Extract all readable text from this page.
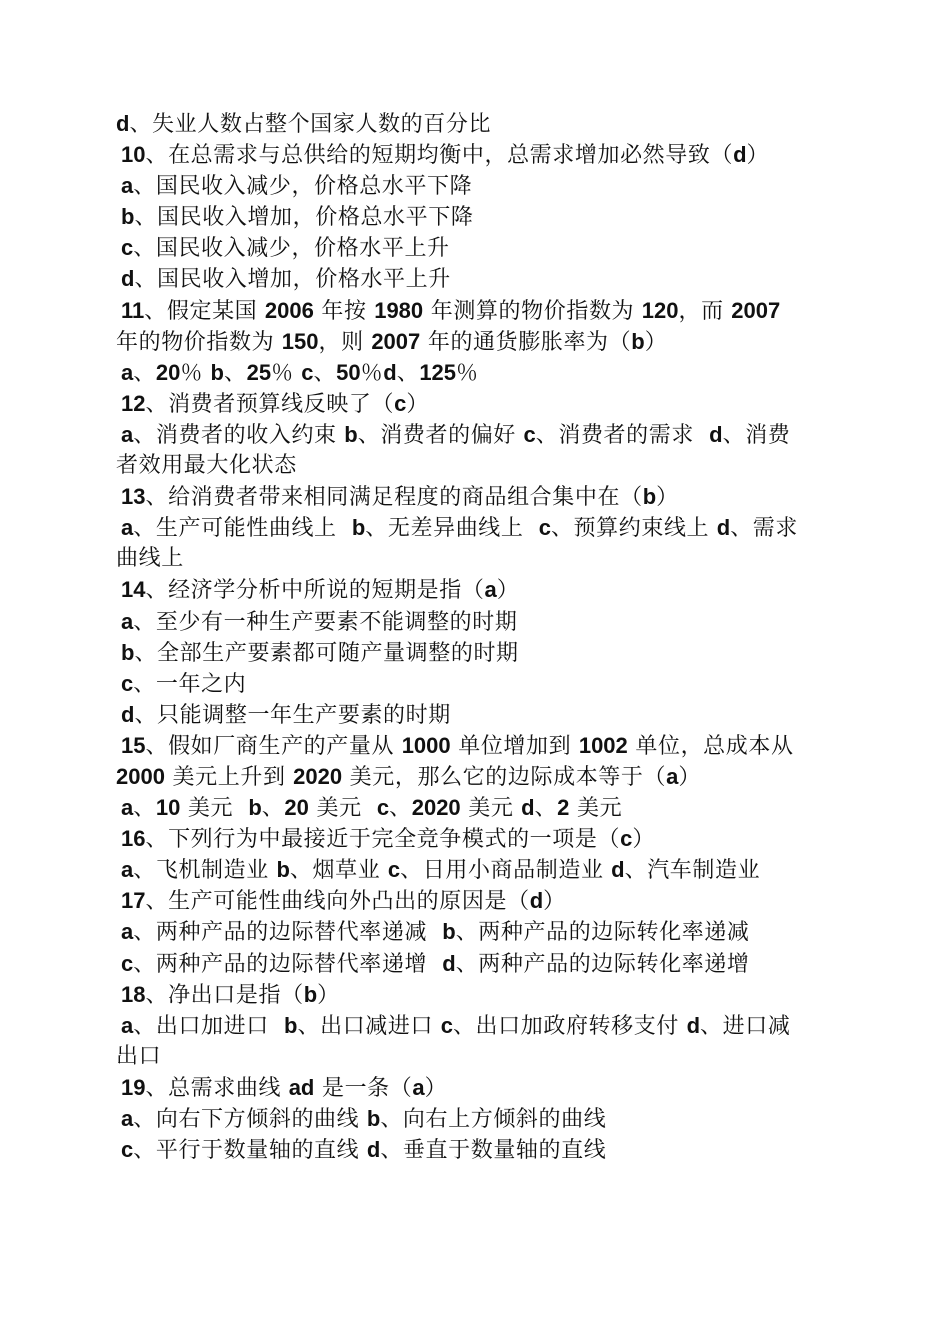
d、失业人数占整个国家人数的百分比
10、在总需求与总供给的短期均衡中，总需求增加必然导致（d）
a、国民收入减少，价格总水平下降
b、国民收入增加，价格总水平下降
c、国民收入减少，价格水平上升
d、国民收入增加，价格水平上升
11、假定某国 2006 年按 1980 年测算的物价指数为 120，而 2007
年的物价指数为 150，则 2007 年的通货膨胀率为（b）
a、20％ b、25％ c、50％d、125％
12、消费者预算线反映了（c）
a、消费者的收入约束 b、消费者的偏好 c、消费者的需求  d、消费
者效用最大化状态
13、给消费者带来相同满足程度的商品组合集中在（b）
a、生产可能性曲线上  b、无差异曲线上  c、预算约束线上 d、需求
曲线上
14、经济学分析中所说的短期是指（a）
a、至少有一种生产要素不能调整的时期
b、全部生产要素都可随产量调整的时期
c、一年之内
d、只能调整一年生产要素的时期
15、假如厂商生产的产量从 1000 单位增加到 1002 单位，总成本从
2000 美元上升到 2020 美元，那么它的边际成本等于（a）
a、10 美元  b、20 美元  c、2020 美元 d、2 美元
16、下列行为中最接近于完全竞争模式的一项是（c）
a、飞机制造业 b、烟草业 c、日用小商品制造业 d、汽车制造业
17、生产可能性曲线向外凸出的原因是（d）
a、两种产品的边际替代率递减  b、两种产品的边际转化率递减
c、两种产品的边际替代率递增  d、两种产品的边际转化率递增
18、净出口是指（b）
a、出口加进口  b、出口减进口 c、出口加政府转移支付 d、进口减
出口
19、总需求曲线 ad 是一条（a）
a、向右下方倾斜的曲线 b、向右上方倾斜的曲线
c、平行于数量轴的直线 d、垂直于数量轴的直线
